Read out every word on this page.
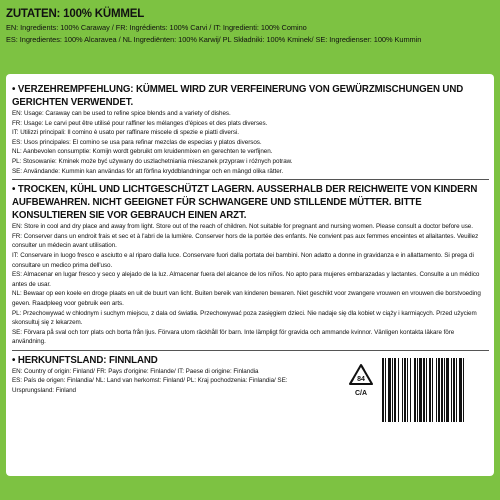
ZUTATEN: 100% KÜMMEL
EN: Ingredients: 100% Caraway / FR: Ingrédients: 100% Carvi / IT: Ingredienti: 100% Comino
ES: Ingredientes: 100% Alcaravea / NL Ingrediënten: 100% Karwij/ PL Składniki: 100% Kminek/ SE: Ingredienser: 100% Kummin
• VERZEHREMPFEHLUNG: KÜMMEL WIRD ZUR VERFEINERUNG VON GEWÜRZMISCHUNGEN UND GERICHTEN VERWENDET.
EN: Usage: Caraway can be used to refine spice blends and a variety of dishes.
FR: Usage: Le carvi peut être utilisé pour raffiner les mélanges d'épices et des plats diverses.
IT: Utilizzi principali: Il comino è usato per raffinare miscele di spezie e piatti diversi.
ES: Usos principales: El comino se usa para refinar mezclas de especias y platos diversos.
NL: Aanbevolen consumptie: Komijn wordt gebruikt om kruidenmixen en gerechten te verfijnen.
PL: Stosowanie: Kminek może być używany do uszlachetniania mieszanek przypraw i różnych potraw.
SE: Användande: Kummin kan användas för att förfina kryddblandningar och en mängd olika rätter.
• TROCKEN, KÜHL UND LICHTGESCHÜTZT LAGERN. AUSSERHALB DER REICHWEITE VON KINDERN AUFBEWAHREN. NICHT GEEIGNET FÜR SCHWANGERE UND STILLENDE MÜTTER. BITTE KONSULTIEREN SIE VOR GEBRAUCH EINEN ARZT.
EN: Store in cool and dry place and away from light. Store out of the reach of children. Not suitable for pregnant and nursing women. Please consult a doctor before use.
FR: Conserver dans un endroit frais et sec et à l'abri de la lumière. Conserver hors de la portée des enfants. Ne convient pas aux femmes enceintes et allaitantes. Veuillez consulter un médecin avant utilisation.
IT: Conservare in luogo fresco e asciutto e al riparo dalla luce. Conservare fuori dalla portata dei bambini. Non adatto a donne in gravidanza e in allattamento. Si prega di consultare un medico prima dell'uso.
ES: Almacenar en lugar fresco y seco y alejado de la luz. Almacenar fuera del alcance de los niños. No apto para mujeres embarazadas y lactantes. Consulte a un médico antes de usar.
NL: Bewaar op een koele en droge plaats en uit de buurt van licht. Buiten bereik van kinderen bewaren. Niet geschikt voor zwangere vrouwen en vrouwen die borstvoeding geven. Raadpleeg voor gebruik een arts.
PL: Przechowywać w chłodnym i suchym miejscu, z dala od światła. Przechowywać poza zasięgiem dzieci. Nie nadaje się dla kobiet w ciąży i karmiących. Przed użyciem skonsultuj się z lekarzem.
SE: Förvara på sval och torr plats och borta från ljus. Förvara utom räckhåll för barn. Inte lämpligt för gravida och ammande kvinnor. Vänligen kontakta läkare före användning.
• HERKUNFTSLAND: FINNLAND
EN: Country of origin: Finland/ FR: Pays d'origine: Finlande/ IT: Paese di origine: Finlandia
ES: País de origen: Finlandia/ NL: Land van herkomst: Finland/ PL: Kraj pochodzenia: Finlandia/ SE:
Ursprungsland: Finland
84
C/A
